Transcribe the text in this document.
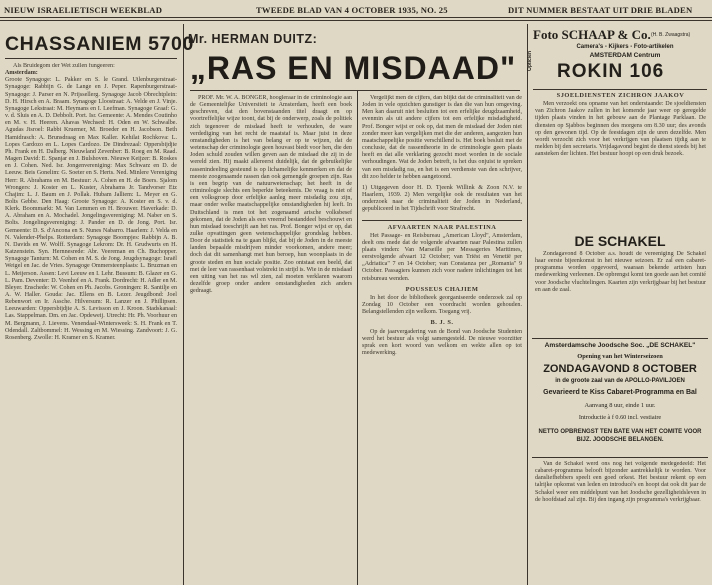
NIEUW ISRAELIETISCH WEEKBLAD	TWEEDE BLAD VAN 4 OCTOBER 1935, NO. 25	DIT NUMMER BESTAAT UIT DRIE BLADEN
CHASSANIEM 5700

Als Bruidegom der Wet zullen fungeeren:

Amsterdam:

Groote Synagoge: L. Pakker en S. le Grand. Uilenburgerstraat-Synagoge: Rabbijn G. de Lange en J. Peper. Rapenburgerstraat-Synagoge: J. Parser en N. Prijssellerg. Synagoge Jacob Obrechtplein: D. H. Hirsch en A. Braam. Synagoge Lloostraat: A. Velde en J. Vinje. Synagoge Lekstraat: M. Heymans en I. Leefman. Synagoge Graaf: G. v. d. Sluis en A. D. Debbolt. Port. Isr. Gemeente: A. Mendes Coutinho en M. v. H. Heeren. Ahavas Wechsed: H. Oden en W. Schwalbe. Agudas Jisroel: Rabbi Kruemer, M. Broeder en H. Jacobson. Beth Hamidrasch: A. Brunsdraag en Max Kaller. Kehilat Rochkova: L. Lopes Cardozo en L. Lopes Cardozo. De Dindrezaal: Oppersbijdjie Ph. Frank en H. Dalberg. Nieuwland Zevenber: B. Roeg en M. Raad. Magen David: E. Spanjar en J. Bulshoven. Nieuwe Keijzer: B. Roskes en J. Cohen. Ned. Isr. Jongenvereniging: Max Schwarz en D. de Leeuw. Beis Gonelim: G. Soeter en S. Herts. Ned. Minlere Vereniging Herr: R. Abrahams en M. Bestuur: A. Cohen en H. de Boers. Sjalom Wrongers: J. Koster en L. Kuster, Abrahams Jr. Tandvorser Etz Chajim: L. J. Baum en J. Pollak. Hubam Jalliem: L. Meyer en G. Bolts Gebbe. Den Haag: Groote Synagoge: A. Koster en S. v. d. Klerk. Boommarkt: M. Van Lemmen en H. Brouwer. Haverkade: D. A. Abraham en A. Mochadel. Jongelingsvereniging: M. Naber en S. Bolts. Jongelingsvereniging: J. Pander en D. de Jong. Port. Isr. Gemeente: D. S. d'Ancona en S. Nunes Nabarro. Haarlem: J. Velda en N. Valender-Phelps. Rotterdam: Synagoge Boompjes: Rabbijn A. B. N. Davids en W. Wolff. Synagoge Lekrom: Dr. H. Grudwurts en H. Katzenstein. Syn. Hernnesrede: Abr. Veereman en Ch. Buchopper. Synagoge Tanturn: M. Cohen en M. S. de Jong. Jeugdsynagoge: Israël Weigel en Jac. de Vries. Synagoge Ommersteenplaats: L. Bruzman en L. Meijerson. Assen: Levi Leeuw en I. Lehr. Bussum: B. Glazer en G. L. Pam. Deventer: D. Veenhof en A. Frank. Dordrecht: H. Adler en M. Bleyer. Enschede: W. Cohen en Ph. Jacobs. Groningen: R. Santilje en A. W. Haller. Gouda: Jac. Ellens en B. Lezer. Jeugdbond: Joel Rebenwort en Ir. Assche. Hilversum: R. Lanzer en J. Phillipsen. Leeuwarden: Oppersbijdjie A. S. Levisson en J. Kroon. Stadskanaal: Las. Stappelman. Dm. en Jac. Opdeweij. Utrecht: Hr. Ph. Voorhuur en M. Bergmann, J. Lievens. Venendaal-Wintersweek: S. H. Frank en T. Odendall. Zaltbommel: H. Wessing en M. Wiessing. Zandvoort: J. G. Rosenberg. Zwolle: H. Kramer en S. Kramer.

Mr. HERMAN DUITZ:
„RAS EN MISDAAD"

PROF. Mr. W. A. BONGER, hoogleraar in de criminologie aan de Gemeentelijke Universiteit te Amsterdam, heeft een boek geschreven, dat den bovenstaanden titel draagt en op voortreffelijke wijze toont, dat bij de onderwerp, zoals de politiek zich tegenover de misdaad heeft te verhouden, de ware verdediging van het recht de maatstaf is. Maar juist in deze omstandigheden is het van belang er op te wijzen, dat de wetenschap der criminologie geen houvast biedt voor hen, die den Joden schuld zouden willen geven aan de misdaad die zij in de wereld zien. Hij maakt allereerst duidelijk, dat de gebruikelijke rassenindeeling gesteund is op lichamelijke kenmerken en dat de meeste zoogenaamde rassen dan ook gemengde groepen zijn. Ras is een begrip van de natuurwetenschap; het heeft in de criminologie slechts een beperkte beteekenis. De vraag is niet of een volksgroep door erfelijke aanleg meer misdadig zou zijn, maar onder welke maatschappelijke omstandigheden hij leeft. In Duitschland is men tot het zogenaamd arische volksbesef gekomen, dat de Joden als een vreemd bestanddeel beschouwt en hun misdaad toeschrijft aan het ras. Prof. Bonger wijst er op, dat zulke opvattingen geen wetenschappelijke grondslag hebben. Door de statistiek na te gaan blijkt, dat bij de Joden in de meeste landen bepaalde misdrijven minder voorkomen, andere meer; doch dat dit samenhangt met hun beroep, hun woonplaats in de groote steden en hun sociale positie. Zoo ontstaat een beeld, dat met de leer van rassenhaat volstrekt in strijd is. Wie in de misdaad een uiting van het ras wil zien, zal moeten verklaren waarom dezelfde groep onder andere omstandigheden zich anders gedraagt.

Vergelijkt men de cijfers, dan blijkt dat de criminaliteit van de Joden in vele opzichten gunstiger is dan die van hun omgeving. Men kan daaruit niet besluiten tot een erfelijke deugdzaamheid, evenmin als uit andere cijfers tot een erfelijke misdadigheid. Prof. Bonger wijst er ook op, dat men de misdaad der Joden niet zonder meer kan vergelijken met die der anderen, aangezien hun maatschappelijke positie verschillend is. Het boek besluit met de conclusie, dat de rassentheorie in de criminologie geen plaats heeft en dat alle verklaring gezocht moet worden in de sociale verhoudingen. Wat de Joden betreft, is het dus onjuist te spreken van een misdadig ras, en het is een verdienste van den schrijver, dit zoo helder te hebben aangetoond.

1) Uitgegeven door H. D. Tjeenk Willink & Zoon N.V. te Haarlem, 1939. 2) Men vergelijke ook de resultaten van het onderzoek naar de criminaliteit der Joden in Nederland, gepubliceerd in het Tijdschrift voor Strafrecht.

AFVAARTEN NAAR PALESTINA

Het Passage- en Reisbureau „American Lloyd", Amsterdam, deelt ons mede dat de volgende afvaarten naar Palestina zullen plaats vinden: Van Marseille per Messageries Maritimes, eerstvolgende afvaart 12 October; van Triëst en Venetië per „Adriatica" 7 en 14 October; van Constanza per „Romania" 9 October. Passagiers kunnen zich voor nadere inlichtingen tot het reisbureau wenden.

POUSSEUS CHAJIEM

In het door de bibliotheek georganiseerde onderzoek zal op Zondag 10 October een voordracht worden gehouden. Belangstellenden zijn welkom. Toegang vrij.

B. J. S.

Op de jaarvergadering van de Bond van Joodsche Studenten werd het bestuur als volgt samengesteld. De nieuwe voorzitter sprak een kort woord van welkom en wekte allen op tot medewerking.

Foto SCHAAP & Co. (H. B. Zwaagstra)
Camera's - Kijkers - Foto-artikelen
AMSTERDAM Centrum
Opticien
ROKIN 106
SJOELDIENSTEN ZICHRON JAAKOV

Men verzoekt ons opname van het onderstaande: De sjoeldiensten van Zichron Jaakov zullen in het komende jaar weer op geregelde tijden plaats vinden in het gebouw aan de Plantage Parklaan. De diensten op Sjabbos beginnen des morgens om 8.30 uur; des avonds op den gewonen tijd. Op de feestdagen zijn de uren dezelfde. Men wordt verzocht zich voor het verkrijgen van plaatsen tijdig aan te melden bij den secretaris. Vrijdagavond begint de dienst steeds bij het aansteken der lichten. Het bestuur hoopt op een druk bezoek.

DE SCHAKEL

Zondagavond 8 October a.s. houdt de vereeniging De Schakel haar eerste bijeenkomst in het nieuwe seizoen. Er zal een cabaret-programma worden opgevoerd, waaraan bekende artisten hun medewerking verleenen. De opbrengst komt ten goede aan het comité voor Joodsche vluchtelingen. Kaarten zijn verkrijgbaar bij het bestuur en aan de zaal.

Amsterdamsche Joodsche Soc. „DE SCHAKEL"
Opening van het Winterseizoen
ZONDAGAVOND 8 OCTOBER
in de groote zaal van de APOLLO-PAVILJOEN
Gevarieerd te Kiss Cabaret-Programma en Bal
Aanvang 8 uur, einde 1 uur.
Introductie à f 0.60 incl. vestiaire
NETTO OPBRENGST TEN BATE VAN HET COMITÉ VOOR BIJZ. JOODSCHE BELANGEN.

Van de Schakel werd ons nog het volgende medegedeeld: Het cabaret-programma belooft bijzonder aantrekkelijk te worden. Voor dansliefhebbers speelt een goed orkest. Het bestuur rekent op een talrijke opkomst van leden en introducé's en hoopt dat ook dit jaar de Schakel weer een middelpunt van het Joodsche gezelligheidsleven in de hoofdstad zal zijn. Bij den ingang zijn programma's verkrijgbaar.
